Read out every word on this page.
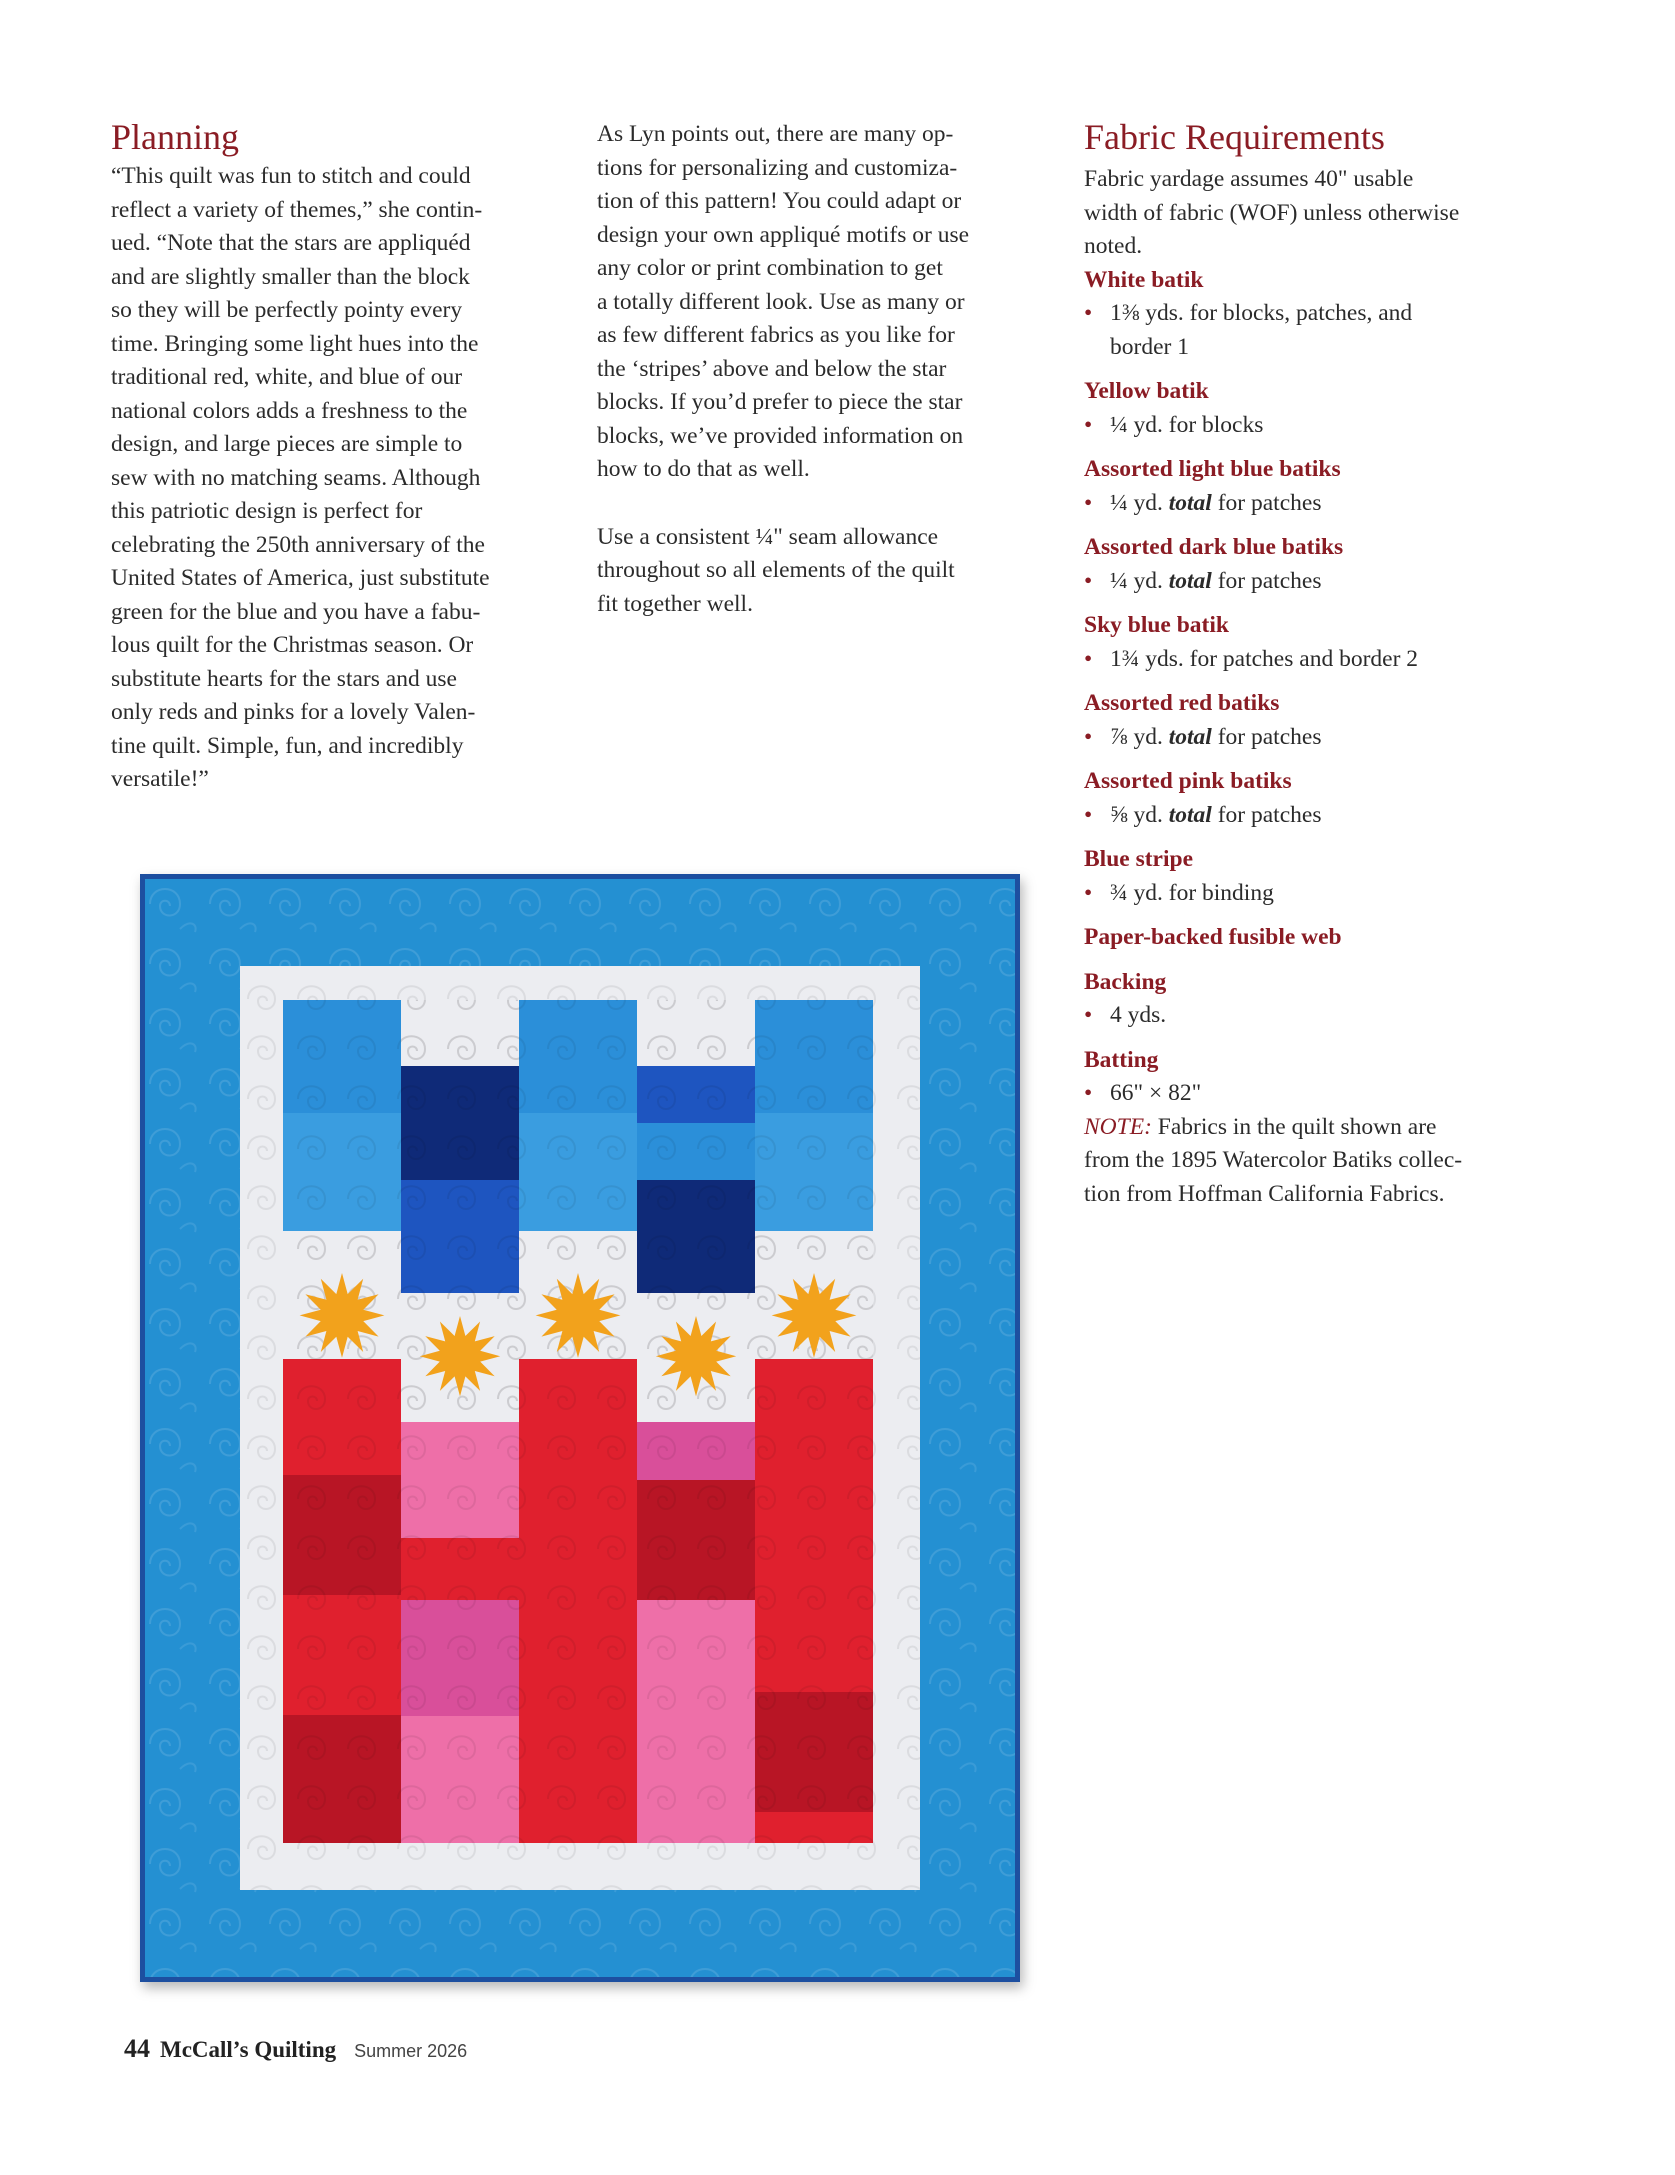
Planning

“This quilt was fun to stitch and could
reflect a variety of themes,” she contin-
ued. “Note that the stars are appliquéd
and are slightly smaller than the block
so they will be perfectly pointy every
time. Bringing some light hues into the
traditional red, white, and blue of our
national colors adds a freshness to the
design, and large pieces are simple to
sew with no matching seams. Although
this patriotic design is perfect for
celebrating the 250th anniversary of the
United States of America, just substitute
green for the blue and you have a fabu-
lous quilt for the Christmas season. Or
substitute hearts for the stars and use
only reds and pinks for a lovely Valen-
tine quilt. Simple, fun, and incredibly
versatile!”

As Lyn points out, there are many op-
tions for personalizing and customiza-
tion of this pattern! You could adapt or
design your own appliqué motifs or use
any color or print combination to get
a totally different look. Use as many or
as few different fabrics as you like for
the ‘stripes’ above and below the star
blocks. If you’d prefer to piece the star
blocks, we’ve provided information on
how to do that as well.

Use a consistent ¼" seam allowance
throughout so all elements of the quilt
fit together well.

Fabric Requirements

Fabric yardage assumes 40" usable
width of fabric (WOF) unless otherwise
noted.

White batik
• 1⅜ yds. for blocks, patches, and
border 1
Yellow batik
• ¼ yd. for blocks
Assorted light blue batiks
• ¼ yd. total for patches
Assorted dark blue batiks
• ¼ yd. total for patches
Sky blue batik
• 1¾ yds. for patches and border 2
Assorted red batiks
• ⅞ yd. total for patches
Assorted pink batiks
• ⅝ yd. total for patches
Blue stripe
• ¾ yd. for binding
Paper-backed fusible web
Backing
• 4 yds.
Batting
• 66" × 82"

NOTE: Fabrics in the quilt shown are
from the 1895 Watercolor Batiks collec-
tion from Hoffman California Fabrics.

44 McCall’s Quilting Summer 2026
